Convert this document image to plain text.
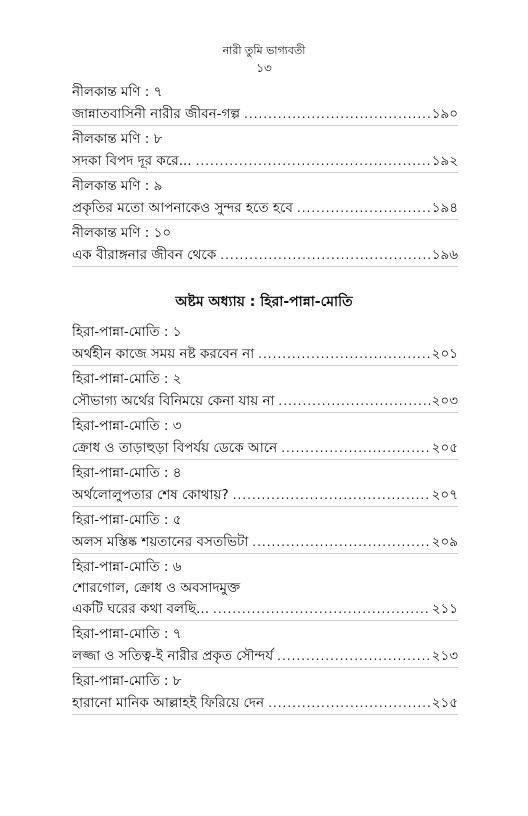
নারী তুমি ভাগ্যবতী
১৩
নীলকান্ত মণি : ৭
জান্নাতবাসিনী নারীর জীবন-গল্প .....	১৯০
নীলকান্ত মণি : ৮
সদকা বিপদ দূর করে... .....	১৯২
নীলকান্ত মণি : ৯
প্রকৃতির মতো আপনাকেও সুন্দর হতে হবে .....	১৯৪
নীলকান্ত মণি : ১০
এক বীরাঙ্গনার জীবন থেকে .....	১৯৬
অষ্টম অধ্যায় : হিরা-পান্না-মোতি
হিরা-পান্না-মোতি : ১
অর্থহীন কাজে সময় নষ্ট করবেন না .....	২০১
হিরা-পান্না-মোতি : ২
সৌভাগ্য অর্থের বিনিময়ে কেনা যায় না .....	২০৩
হিরা-পান্না-মোতি : ৩
ক্রোধ ও তাড়াহুড়া বিপর্যয় ডেকে আনে .....	২০৫
হিরা-পান্না-মোতি : ৪
অর্থলোলুপতার শেষ কোথায়? .....	২০৭
হিরা-পান্না-মোতি : ৫
অলস মস্তিষ্ক শয়তানের বসতভিটা .....	২০৯
হিরা-পান্না-মোতি : ৬
শোরগোল, ক্রোধ ও অবসাদমুক্ত
একটি ঘরের কথা বলছি... .....	২১১
হিরা-পান্না-মোতি : ৭
লজ্জা ও সতিত্ব-ই নারীর প্রকৃত সৌন্দর্য .....	২১৩
হিরা-পান্না-মোতি : ৮
হারানো মানিক আল্লাহই ফিরিয়ে দেন .....	২১৫
